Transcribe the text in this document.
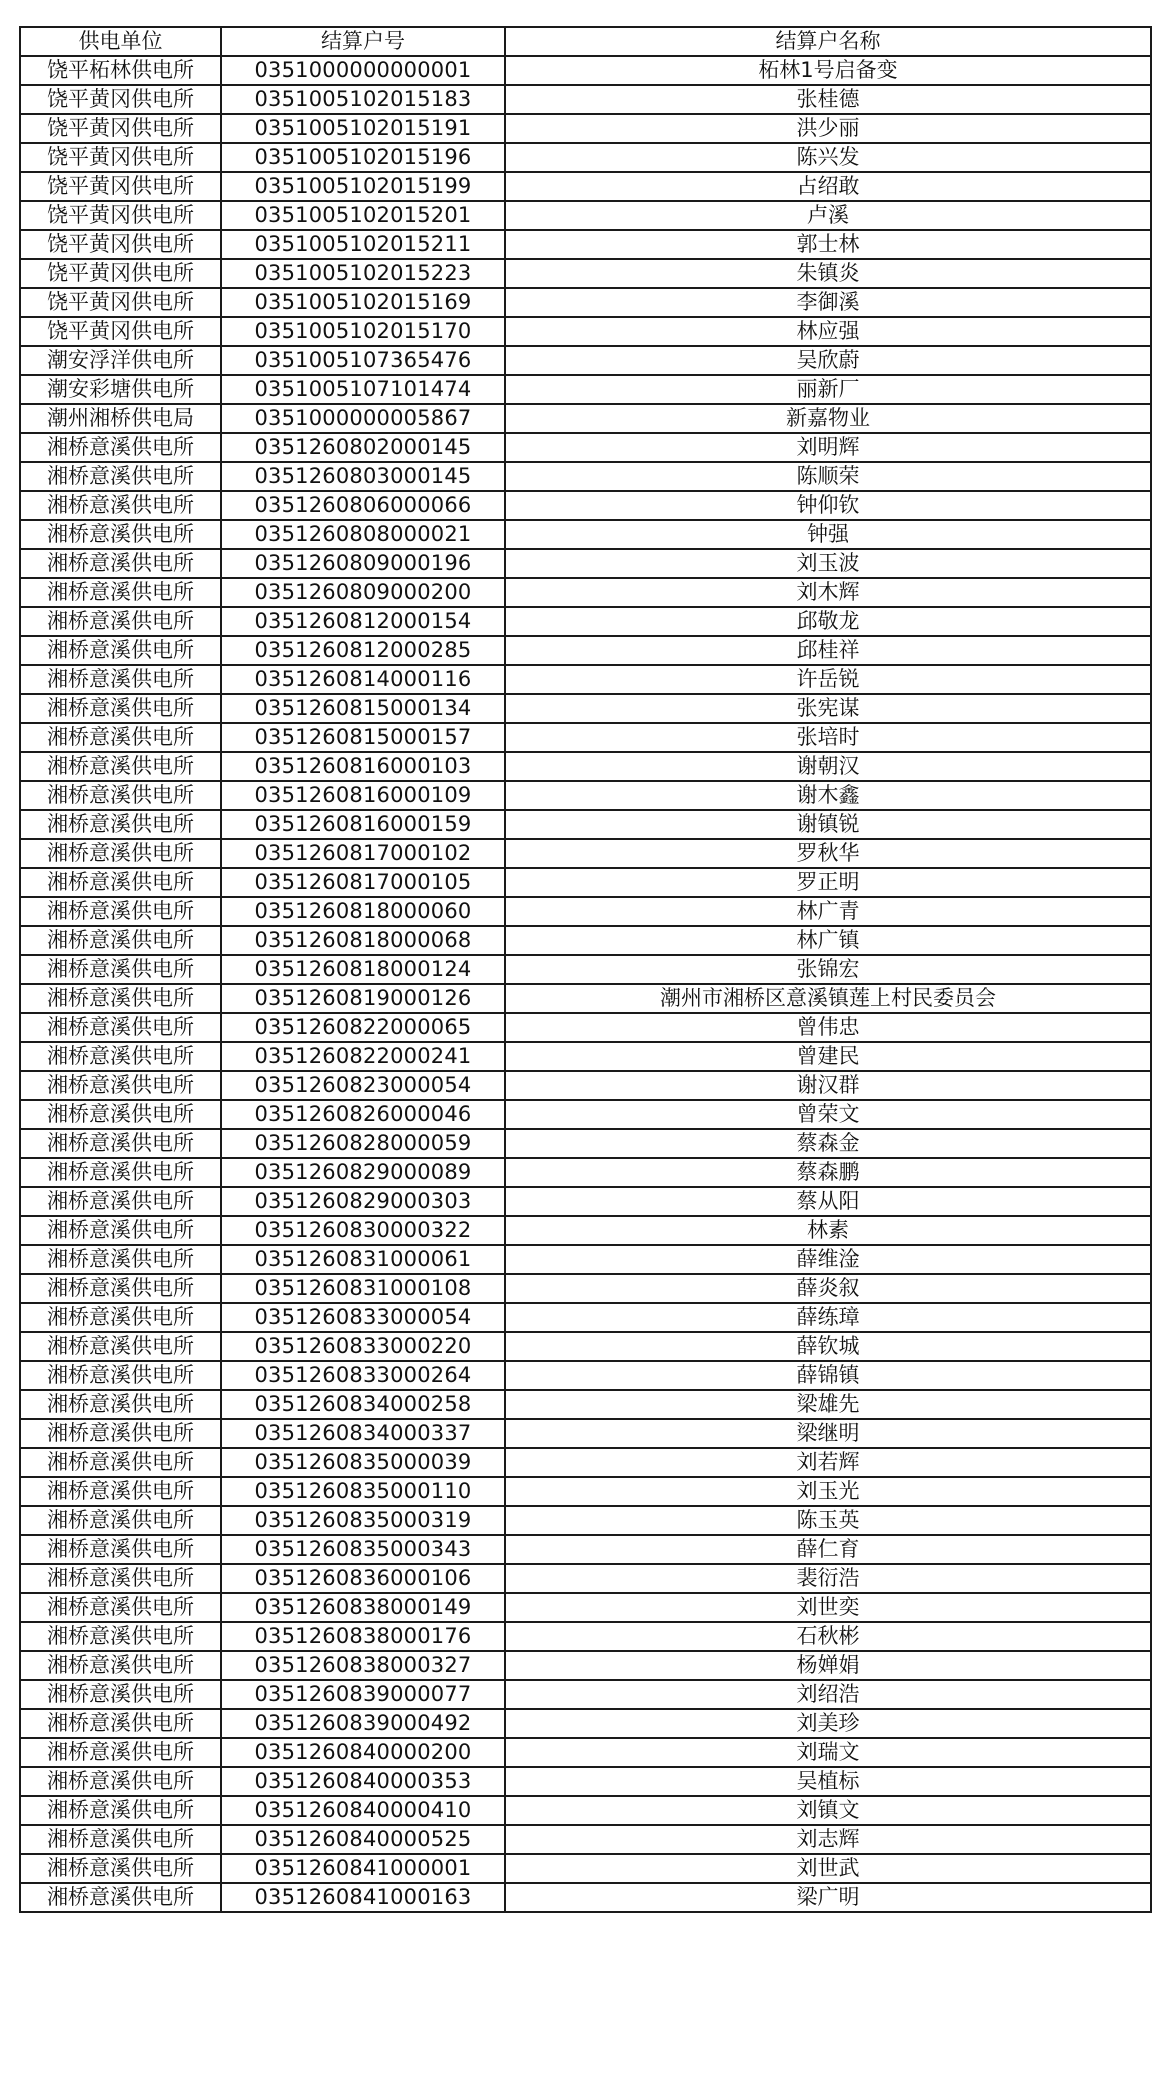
供电单位	结算户号	结算户名称
饶平柘林供电所	0351000000000001	柘林1号启备变
饶平黄冈供电所	0351005102015183	张桂德
饶平黄冈供电所	0351005102015191	洪少丽
饶平黄冈供电所	0351005102015196	陈兴发
饶平黄冈供电所	0351005102015199	占绍敢
饶平黄冈供电所	0351005102015201	卢溪
饶平黄冈供电所	0351005102015211	郭士林
饶平黄冈供电所	0351005102015223	朱镇炎
饶平黄冈供电所	0351005102015169	李御溪
饶平黄冈供电所	0351005102015170	林应强
潮安浮洋供电所	0351005107365476	吴欣蔚
潮安彩塘供电所	0351005107101474	丽新厂
潮州湘桥供电局	0351000000005867	新嘉物业
湘桥意溪供电所	0351260802000145	刘明辉
湘桥意溪供电所	0351260803000145	陈顺荣
湘桥意溪供电所	0351260806000066	钟仰钦
湘桥意溪供电所	0351260808000021	钟强
湘桥意溪供电所	0351260809000196	刘玉波
湘桥意溪供电所	0351260809000200	刘木辉
湘桥意溪供电所	0351260812000154	邱敬龙
湘桥意溪供电所	0351260812000285	邱桂祥
湘桥意溪供电所	0351260814000116	许岳锐
湘桥意溪供电所	0351260815000134	张宪谋
湘桥意溪供电所	0351260815000157	张培时
湘桥意溪供电所	0351260816000103	谢朝汉
湘桥意溪供电所	0351260816000109	谢木鑫
湘桥意溪供电所	0351260816000159	谢镇锐
湘桥意溪供电所	0351260817000102	罗秋华
湘桥意溪供电所	0351260817000105	罗正明
湘桥意溪供电所	0351260818000060	林广青
湘桥意溪供电所	0351260818000068	林广镇
湘桥意溪供电所	0351260818000124	张锦宏
湘桥意溪供电所	0351260819000126	潮州市湘桥区意溪镇莲上村民委员会
湘桥意溪供电所	0351260822000065	曾伟忠
湘桥意溪供电所	0351260822000241	曾建民
湘桥意溪供电所	0351260823000054	谢汉群
湘桥意溪供电所	0351260826000046	曾荣文
湘桥意溪供电所	0351260828000059	蔡森金
湘桥意溪供电所	0351260829000089	蔡森鹏
湘桥意溪供电所	0351260829000303	蔡从阳
湘桥意溪供电所	0351260830000322	林素
湘桥意溪供电所	0351260831000061	薛维淦
湘桥意溪供电所	0351260831000108	薛炎叙
湘桥意溪供电所	0351260833000054	薛练璋
湘桥意溪供电所	0351260833000220	薛钦城
湘桥意溪供电所	0351260833000264	薛锦镇
湘桥意溪供电所	0351260834000258	梁雄先
湘桥意溪供电所	0351260834000337	梁继明
湘桥意溪供电所	0351260835000039	刘若辉
湘桥意溪供电所	0351260835000110	刘玉光
湘桥意溪供电所	0351260835000319	陈玉英
湘桥意溪供电所	0351260835000343	薛仁育
湘桥意溪供电所	0351260836000106	裴衍浩
湘桥意溪供电所	0351260838000149	刘世奕
湘桥意溪供电所	0351260838000176	石秋彬
湘桥意溪供电所	0351260838000327	杨婵娟
湘桥意溪供电所	0351260839000077	刘绍浩
湘桥意溪供电所	0351260839000492	刘美珍
湘桥意溪供电所	0351260840000200	刘瑞文
湘桥意溪供电所	0351260840000353	吴植标
湘桥意溪供电所	0351260840000410	刘镇文
湘桥意溪供电所	0351260840000525	刘志辉
湘桥意溪供电所	0351260841000001	刘世武
湘桥意溪供电所	0351260841000163	梁广明
